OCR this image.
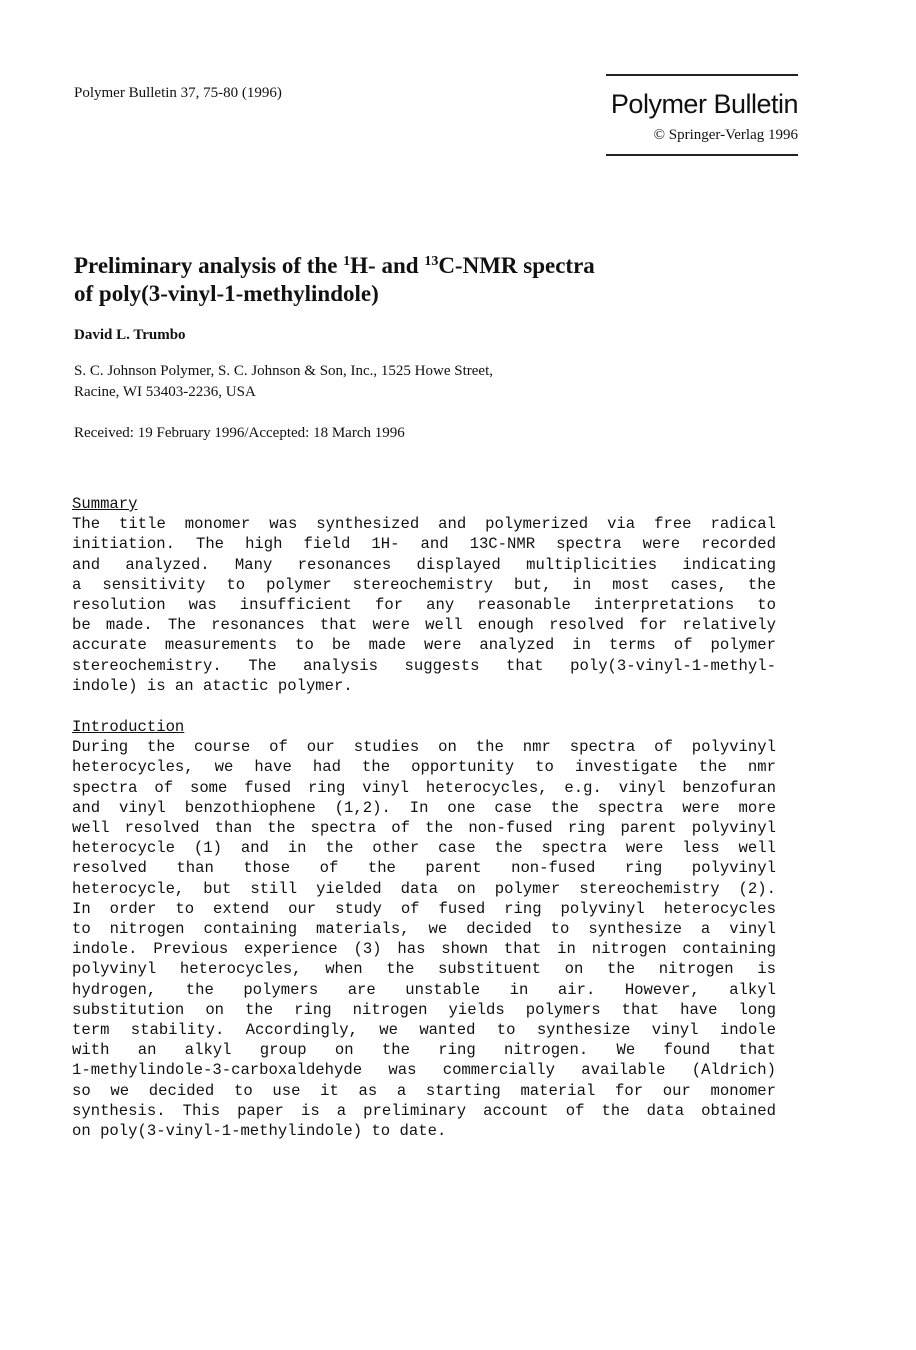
Polymer Bulletin 37, 75-80 (1996)	Polymer Bulletin
© Springer-Verlag 1996
Preliminary analysis of the $^1$H- and $^{13}$C-NMR spectra
of poly(3-vinyl-1-methylindole)
David L. Trumbo
S. C. Johnson Polymer, S. C. Johnson & Son, Inc., 1525 Howe Street,
Racine, WI 53403-2236, USA
Received: 19 February 1996/Accepted: 18 March 1996
Summary
The title monomer was synthesized and polymerized via free radical
initiation. The high field 1H- and 13C-NMR spectra were recorded
and analyzed. Many resonances displayed multiplicities indicating
a sensitivity to polymer stereochemistry but, in most cases, the
resolution was insufficient for any reasonable interpretations to
be made. The resonances that were well enough resolved for relatively
accurate measurements to be made were analyzed in terms of polymer
stereochemistry. The analysis suggests that poly(3-vinyl-1-methyl-
indole) is an atactic polymer.
Introduction
During the course of our studies on the nmr spectra of polyvinyl
heterocycles, we have had the opportunity to investigate the nmr
spectra of some fused ring vinyl heterocycles, e.g. vinyl benzofuran
and vinyl benzothiophene (1,2). In one case the spectra were more
well resolved than the spectra of the non-fused ring parent polyvinyl
heterocycle (1) and in the other case the spectra were less well
resolved than those of the parent non-fused ring polyvinyl
heterocycle, but still yielded data on polymer stereochemistry (2).
In order to extend our study of fused ring polyvinyl heterocycles
to nitrogen containing materials, we decided to synthesize a vinyl
indole. Previous experience (3) has shown that in nitrogen containing
polyvinyl heterocycles, when the substituent on the nitrogen is
hydrogen, the polymers are unstable in air. However, alkyl
substitution on the ring nitrogen yields polymers that have long
term stability. Accordingly, we wanted to synthesize vinyl indole
with an alkyl group on the ring nitrogen. We found that
1-methylindole-3-carboxaldehyde was commercially available (Aldrich)
so we decided to use it as a starting material for our monomer
synthesis. This paper is a preliminary account of the data obtained
on poly(3-vinyl-1-methylindole) to date.
